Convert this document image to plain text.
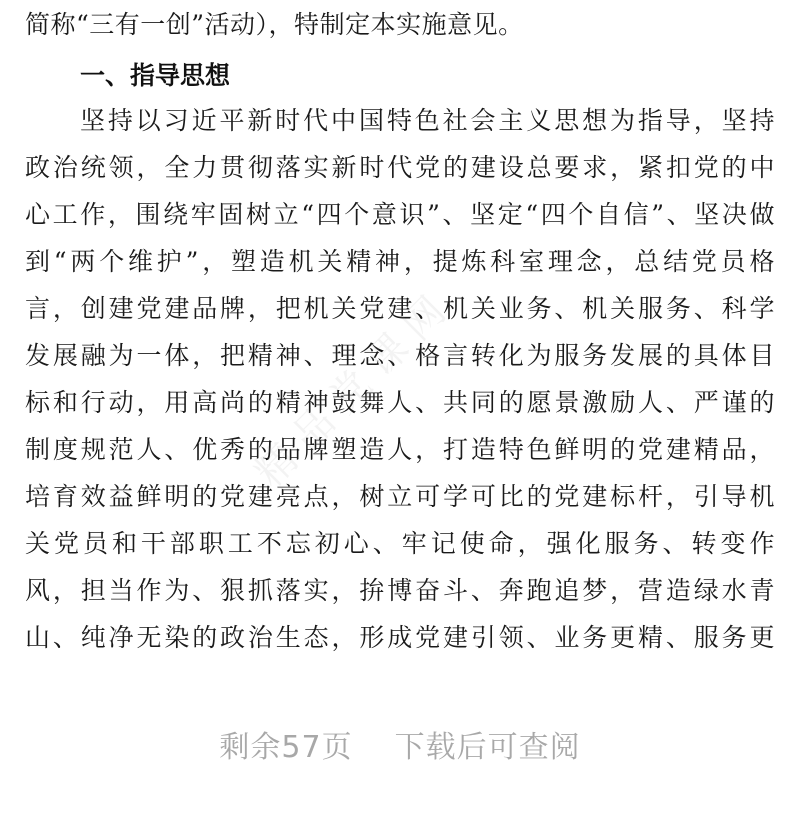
简称“三有一创”活动），特制定本实施意见。
一、指导思想
坚持以习近平新时代中国特色社会主义思想为指导，坚持
政治统领，全力贯彻落实新时代党的建设总要求，紧扣党的中
心工作，围绕牢固树立“四个意识”、坚定“四个自信”、坚决做
到“两个维护”，塑造机关精神，提炼科室理念，总结党员格
言，创建党建品牌，把机关党建、机关业务、机关服务、科学
发展融为一体，把精神、理念、格言转化为服务发展的具体目
标和行动，用高尚的精神鼓舞人、共同的愿景激励人、严谨的
制度规范人、优秀的品牌塑造人，打造特色鲜明的党建精品，
培育效益鲜明的党建亮点，树立可学可比的党建标杆，引导机
关党员和干部职工不忘初心、牢记使命，强化服务、转变作
风，担当作为、狠抓落实，拚博奋斗、奔跑追梦，营造绿水青
山、纯净无染的政治生态，形成党建引领、业务更精、服务更
精品党课网
剩余57页 下载后可查阅
